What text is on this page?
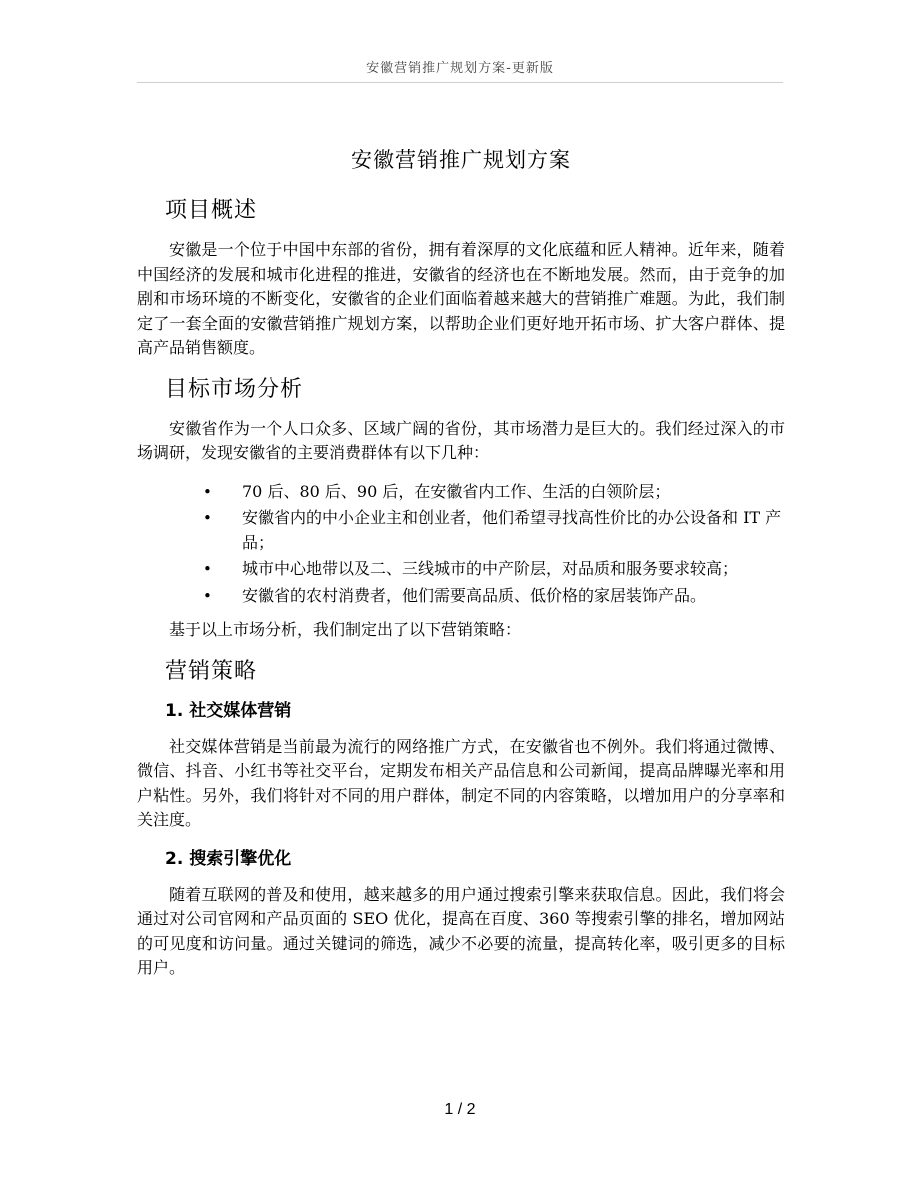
安徽营销推广规划方案-更新版
安徽营销推广规划方案
项目概述

安徽是一个位于中国中东部的省份，拥有着深厚的文化底蕴和匠人精神。近年来，随着中国经济的发展和城市化进程的推进，安徽省的经济也在不断地发展。然而，由于竞争的加剧和市场环境的不断变化，安徽省的企业们面临着越来越大的营销推广难题。为此，我们制定了一套全面的安徽营销推广规划方案，以帮助企业们更好地开拓市场、扩大客户群体、提高产品销售额度。

目标市场分析

安徽省作为一个人口众多、区域广阔的省份，其市场潜力是巨大的。我们经过深入的市场调研，发现安徽省的主要消费群体有以下几种：

• 70 后、80 后、90 后，在安徽省内工作、生活的白领阶层；
• 安徽省内的中小企业主和创业者，他们希望寻找高性价比的办公设备和 IT 产品；
• 城市中心地带以及二、三线城市的中产阶层，对品质和服务要求较高；
• 安徽省的农村消费者，他们需要高品质、低价格的家居装饰产品。

基于以上市场分析，我们制定出了以下营销策略：

营销策略
1. 社交媒体营销

社交媒体营销是当前最为流行的网络推广方式，在安徽省也不例外。我们将通过微博、微信、抖音、小红书等社交平台，定期发布相关产品信息和公司新闻，提高品牌曝光率和用户粘性。另外，我们将针对不同的用户群体，制定不同的内容策略，以增加用户的分享率和关注度。

2. 搜索引擎优化

随着互联网的普及和使用，越来越多的用户通过搜索引擎来获取信息。因此，我们将会通过对公司官网和产品页面的 SEO 优化，提高在百度、360 等搜索引擎的排名，增加网站的可见度和访问量。通过关键词的筛选，减少不必要的流量，提高转化率，吸引更多的目标用户。

1 / 2
